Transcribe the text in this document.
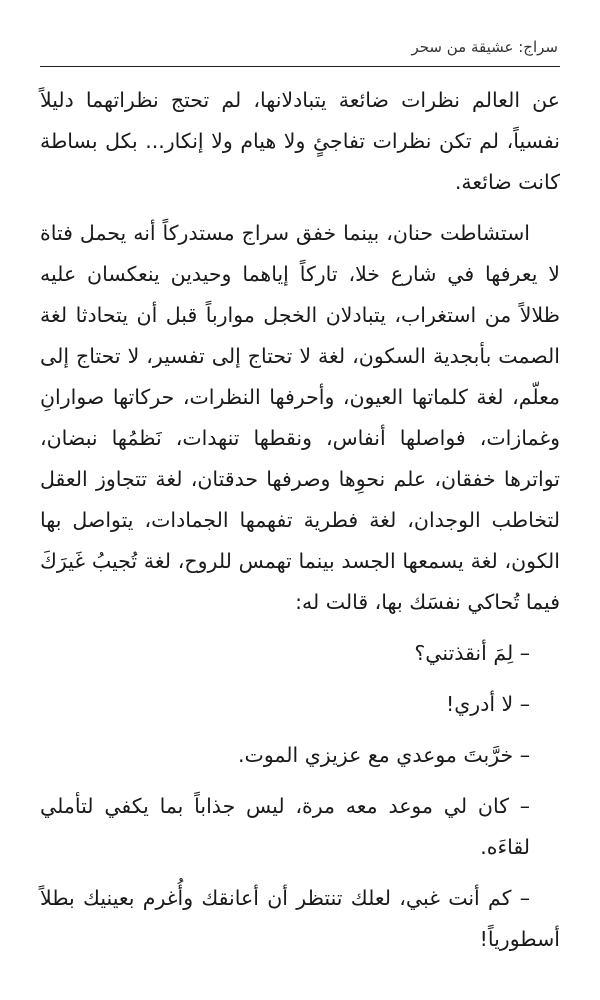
سراج: عشيقة من سحر

عن العالم نظرات ضائعة يتبادلانها، لم تحتج نظراتهما دليلاً نفسياً، لم تكن نظرات تفاجئٍ ولا هيام ولا إنكار... بكل بساطة كانت ضائعة.

استشاطت حنان، بينما خفق سراج مستدركاً أنه يحمل فتاة لا يعرفها في شارع خلا، تاركاً إياهما وحيدين ينعكسان عليه ظلالاً من استغراب، يتبادلان الخجل موارباً قبل أن يتحادثا لغة الصمت بأبجدية السكون، لغة لا تحتاج إلى تفسير، لا تحتاج إلى معلّم، لغة كلماتها العيون، وأحرفها النظرات، حركاتها صوارانِ وغمازات، فواصلها أنفاس، ونقطها تنهدات، نَظمُها نبضان، تواترها خفقان، علم نحوِها وصرفها حدقتان، لغة تتجاوز العقل لتخاطب الوجدان، لغة فطرية تفهمها الجمادات، يتواصل بها الكون، لغة يسمعها الجسد بينما تهمس للروح، لغة تُجيبُ غَيرَكَ فيما تُحاكي نفسَك بها، قالت له:

– لِمَ أنقذتني؟

– لا أدري!

– خرَّبتَ موعدي مع عزيزي الموت.

– كان لي موعد معه مرة، ليس جذاباً بما يكفي لتأملي لقاءَه.

– كم أنت غبي، لعلك تنتظر أن أعانقك وأُغرم بعينيك بطلاً أسطورياً!
